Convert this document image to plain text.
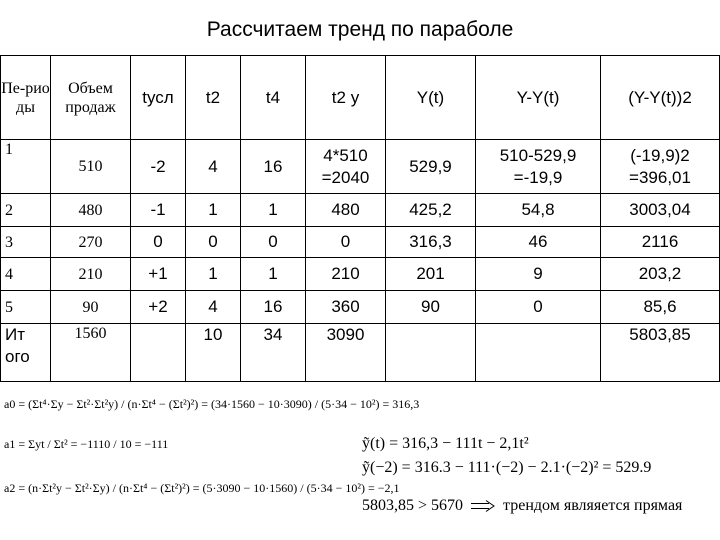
Рассчитаем тренд по параболе
Пе-рио ды	Объем продаж	tусл	t2	t4	t2 y	Y(t)	Y-Y(t)	(Y-Y(t))2
1	510	-2	4	16	4*510 =2040	529,9	510-529,9 =-19,9	(-19,9)2 =396,01
2	480	-1	1	1	480	425,2	54,8	3003,04
3	270	0	0	0	0	316,3	46	2116
4	210	+1	1	1	210	201	9	203,2
5	90	+2	4	16	360	90	0	85,6
Ит ого	1560		10	34	3090			5803,85
a0 = (Σt⁴·Σy − Σt²·Σt²y) / (n·Σt⁴ − (Σt²)²) = (34·1560 − 10·3090) / (5·34 − 10²) = 316,3
a1 = Σyt / Σt² = −1110 / 10 = −111
a2 = (n·Σt²y − Σt²·Σy) / (n·Σt⁴ − (Σt²)²) = (5·3090 − 10·1560) / (5·34 − 10²) = −2,1
ỹ(t) = 316,3 − 111t − 2,1t²
ỹ(−2) = 316.3 − 111·(−2) − 2.1·(−2)² = 529.9
5803,85 > 5670	трендом являяется прямая
